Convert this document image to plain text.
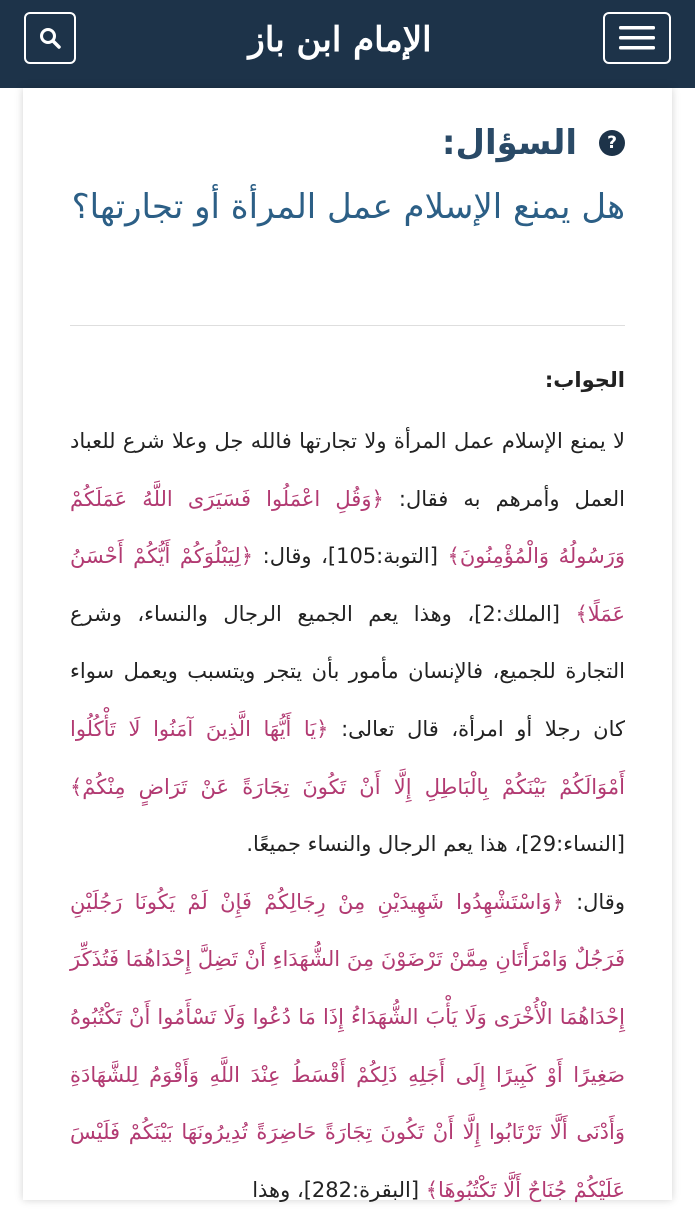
الإمام ابن باز
?
السؤال:
هل يمنع الإسلام عمل المرأة أو تجارتها؟
الجواب:

لا يمنع الإسلام عمل المرأة ولا تجارتها فالله جل وعلا شرع للعباد العمل وأمرهم به فقال: ﴿وَقُلِ اعْمَلُوا فَسَيَرَى اللَّهُ عَمَلَكُمْ وَرَسُولُهُ وَالْمُؤْمِنُونَ﴾ [التوبة:105]، وقال: ﴿لِيَبْلُوَكُمْ أَيُّكُمْ أَحْسَنُ عَمَلًا﴾ [الملك:2]، وهذا يعم الجميع الرجال والنساء، وشرع التجارة للجميع، فالإنسان مأمور بأن يتجر ويتسبب ويعمل سواء كان رجلا أو امرأة، قال تعالى: ﴿يَا أَيُّهَا الَّذِينَ آمَنُوا لَا تَأْكُلُوا أَمْوَالَكُمْ بَيْنَكُمْ بِالْبَاطِلِ إِلَّا أَنْ تَكُونَ تِجَارَةً عَنْ تَرَاضٍ مِنْكُمْ﴾ [النساء:29]، هذا يعم الرجال والنساء جميعًا.

وقال: ﴿وَاسْتَشْهِدُوا شَهِيدَيْنِ مِنْ رِجَالِكُمْ فَإِنْ لَمْ يَكُونَا رَجُلَيْنِ فَرَجُلٌ وَامْرَأَتَانِ مِمَّنْ تَرْضَوْنَ مِنَ الشُّهَدَاءِ أَنْ تَضِلَّ إِحْدَاهُمَا فَتُذَكِّرَ إِحْدَاهُمَا الْأُخْرَى وَلَا يَأْبَ الشُّهَدَاءُ إِذَا مَا دُعُوا وَلَا تَسْأَمُوا أَنْ تَكْتُبُوهُ صَغِيرًا أَوْ كَبِيرًا إِلَى أَجَلِهِ ذَلِكُمْ أَقْسَطُ عِنْدَ اللَّهِ وَأَقْوَمُ لِلشَّهَادَةِ وَأَدْنَى أَلَّا تَرْتَابُوا إِلَّا أَنْ تَكُونَ تِجَارَةً حَاضِرَةً تُدِيرُونَهَا بَيْنَكُمْ فَلَيْسَ عَلَيْكُمْ جُنَاحٌ أَلَّا تَكْتُبُوهَا﴾ [البقرة:282]، وهذا
